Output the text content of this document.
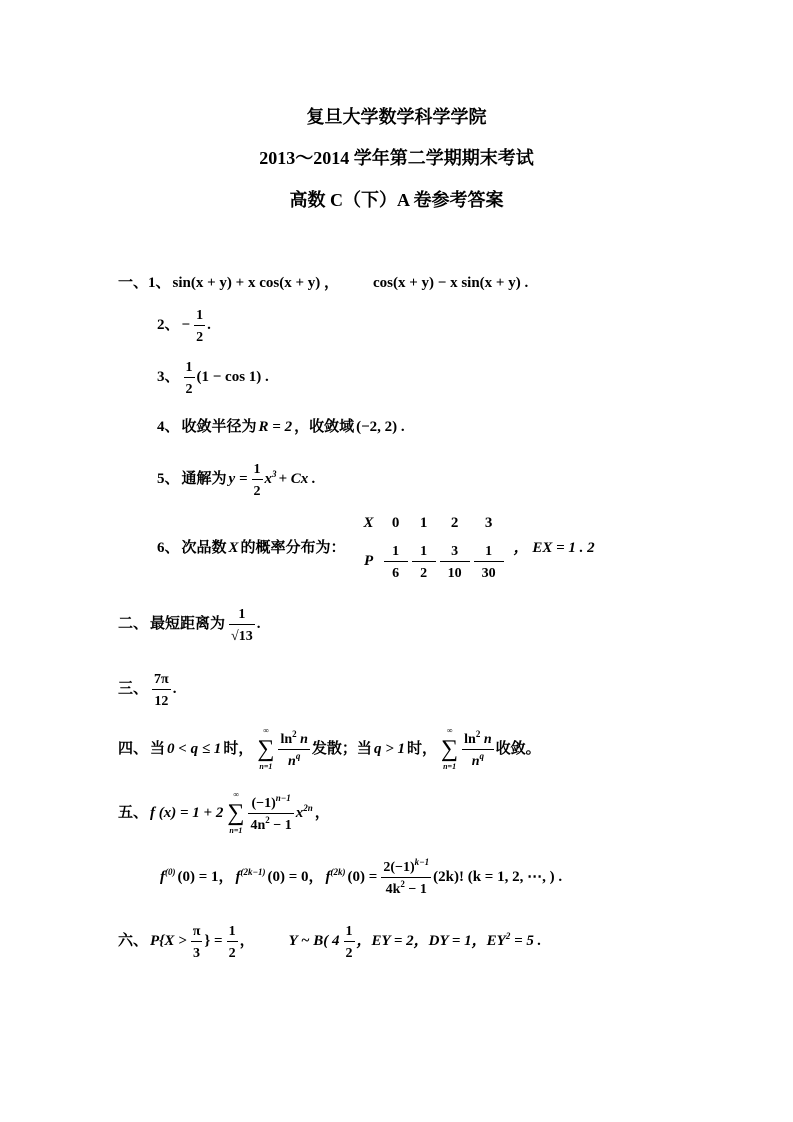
复旦大学数学科学学院
2013～2014 学年第二学期期末考试
高数 C（下）A 卷参考答案
一、1、 sin(x + y) + x cos(x + y) ， cos(x + y) − x sin(x + y) .
2、 − $\frac{1}{2}$ .
3、 $\frac{1}{2} (1 - \cos 1)$ .
4、 收敛半径为 R = 2 ，收敛域 (−2, 2) .
5、 通解为 $y = \frac{1}{2} x^3 + Cx$ .
6、 次品数 X 的概率分布为：
X	0	1	2	3
P $\frac{1}{6} \frac{1}{2} \frac{3}{10} \frac{1}{30}$ ， EX = 1 . 2
二、 最短距离为 $\frac{1}{√13}$ .
三、 $\frac{7\pi}{12}$ .
四、 当 0 < q ≤ 1 时，
∞
∑
$n=1 \frac{\ln^2 n}{n^q}$ 发散；当 q > 1 时，
∞
∑
$n=1 \frac{\ln^2 n}{n^q}$ 收敛。
五、 f (x) = 1 + 2
∞
∑
$n=1 \frac{(-1)^{n-1}}{4n^2 - 1} x^{2n}$ ，
$f^{(0)}$ (0) = 1， $f^{(2k-1)}$ (0) = 0， $f^{(2k)}$ $(0) = \frac{2(-1)^{k-1}}{4k^2 - 1} (2k)$! (k = 1, 2, ⋯, ) .
六、 $P\{X > \frac{\pi}{3}$ } = $\frac{1}{2}$ ， Y ~ B( $4 \frac{1}{2}$ ，EY = 2，DY = 1，$EY^2 = 5$ .
